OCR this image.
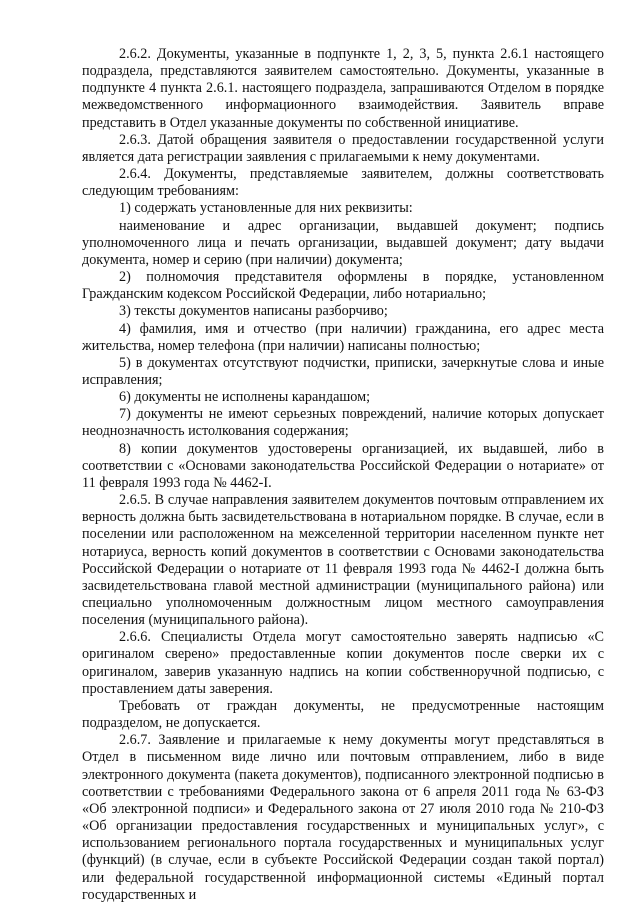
2.6.2. Документы, указанные в подпункте 1, 2, 3, 5, пункта 2.6.1 настоящего подраздела, представляются заявителем самостоятельно. Документы, указанные в подпункте 4 пункта 2.6.1. настоящего подраздела, запрашиваются Отделом в порядке межведомственного информационного взаимодействия. Заявитель вправе представить в Отдел указанные документы по собственной инициативе.

2.6.3. Датой обращения заявителя о предоставлении государственной услуги является дата регистрации заявления с прилагаемыми к нему документами.

2.6.4. Документы, представляемые заявителем, должны соответствовать следующим требованиям:

1) содержать установленные для них реквизиты:

наименование и адрес организации, выдавшей документ; подпись уполномоченного лица и печать организации, выдавшей документ; дату выдачи документа, номер и серию (при наличии) документа;

2) полномочия представителя оформлены в порядке, установленном Гражданским кодексом Российской Федерации, либо нотариально;

3) тексты документов написаны разборчиво;

4) фамилия, имя и отчество (при наличии) гражданина, его адрес места жительства, номер телефона (при наличии) написаны полностью;

5) в документах отсутствуют подчистки, приписки, зачеркнутые слова и иные исправления;

6) документы не исполнены карандашом;

7) документы не имеют серьезных повреждений, наличие которых допускает неоднозначность истолкования содержания;

8) копии документов удостоверены организацией, их выдавшей, либо в соответствии с «Основами законодательства Российской Федерации о нотариате» от 11 февраля 1993 года № 4462-I.

2.6.5. В случае направления заявителем документов почтовым отправлением их верность должна быть засвидетельствована в нотариальном порядке. В случае, если в поселении или расположенном на межселенной территории населенном пункте нет нотариуса, верность копий документов в соответствии с Основами законодательства Российской Федерации о нотариате от 11 февраля 1993 года № 4462-I должна быть засвидетельствована главой местной администрации (муниципального района) или специально уполномоченным должностным лицом местного самоуправления поселения (муниципального района).

2.6.6. Специалисты Отдела могут самостоятельно заверять надписью «С оригиналом сверено» предоставленные копии документов после сверки их с оригиналом, заверив указанную надпись на копии собственноручной подписью, с проставлением даты заверения.

Требовать от граждан документы, не предусмотренные настоящим подразделом, не допускается.

2.6.7. Заявление и прилагаемые к нему документы могут представляться в Отдел в письменном виде лично или почтовым отправлением, либо в виде электронного документа (пакета документов), подписанного электронной подписью в соответствии с требованиями Федерального закона от 6 апреля 2011 года № 63-ФЗ «Об электронной подписи» и Федерального закона от 27 июля 2010 года № 210-ФЗ «Об организации предоставления государственных и муниципальных услуг», с использованием регионального портала государственных и муниципальных услуг (функций) (в случае, если в субъекте Российской Федерации создан такой портал) или федеральной государственной информационной системы «Единый портал государственных и
